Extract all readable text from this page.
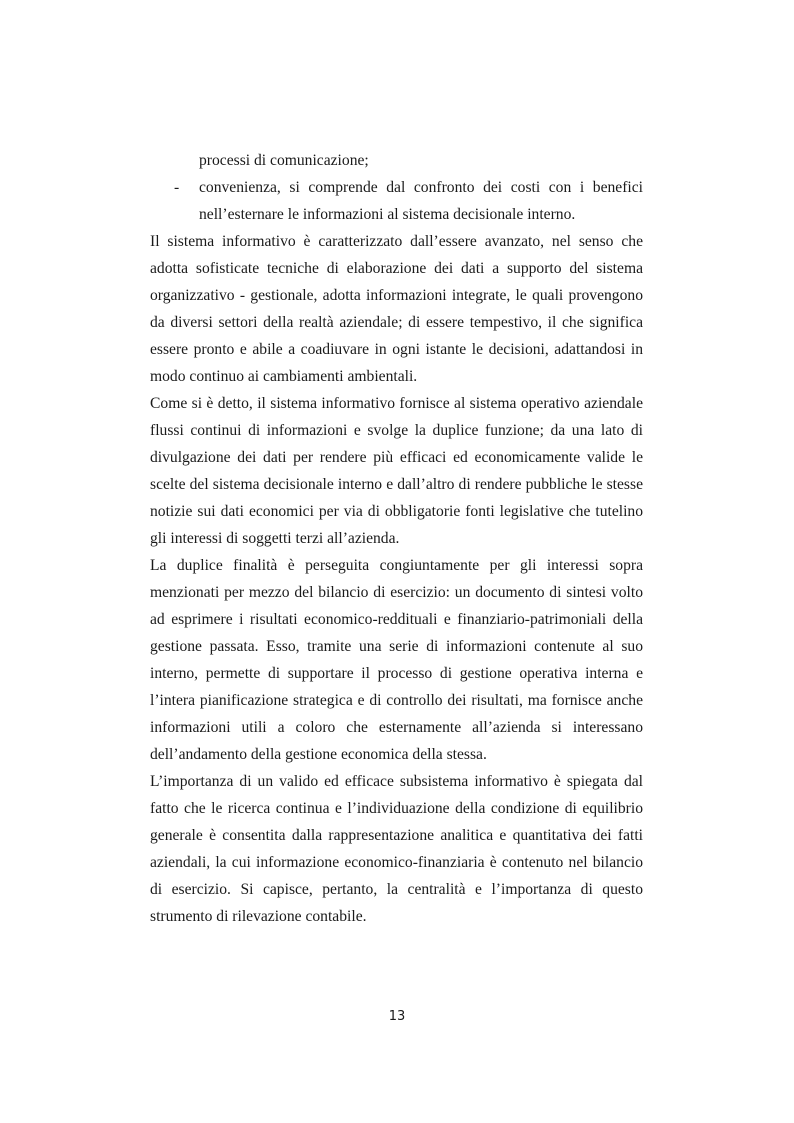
processi di comunicazione;
- convenienza, si comprende dal confronto dei costi con i benefici nell’esternare le informazioni al sistema decisionale interno.

Il sistema informativo è caratterizzato dall’essere avanzato, nel senso che adotta sofisticate tecniche di elaborazione dei dati a supporto del sistema organizzativo - gestionale, adotta informazioni integrate, le quali provengono da diversi settori della realtà aziendale; di essere tempestivo, il che significa essere pronto e abile a coadiuvare in ogni istante le decisioni, adattandosi in modo continuo ai cambiamenti ambientali.

Come si è detto, il sistema informativo fornisce al sistema operativo aziendale flussi continui di informazioni e svolge la duplice funzione; da una lato di divulgazione dei dati per rendere più efficaci ed economicamente valide le scelte del sistema decisionale interno e dall’altro di rendere pubbliche le stesse notizie sui dati economici per via di obbligatorie fonti legislative che tutelino gli interessi di soggetti terzi all’azienda.

La duplice finalità è perseguita congiuntamente per gli interessi sopra menzionati per mezzo del bilancio di esercizio: un documento di sintesi volto ad esprimere i risultati economico-reddituali e finanziario-patrimoniali della gestione passata. Esso, tramite una serie di informazioni contenute al suo interno, permette di supportare il processo di gestione operativa interna e l’intera pianificazione strategica e di controllo dei risultati, ma fornisce anche informazioni utili a coloro che esternamente all’azienda si interessano dell’andamento della gestione economica della stessa.

L’importanza di un valido ed efficace subsistema informativo è spiegata dal fatto che le ricerca continua e l’individuazione della condizione di equilibrio generale è consentita dalla rappresentazione analitica e quantitativa dei fatti aziendali, la cui informazione economico-finanziaria è contenuto nel bilancio di esercizio. Si capisce, pertanto, la centralità e l’importanza di questo strumento di rilevazione contabile.

13
